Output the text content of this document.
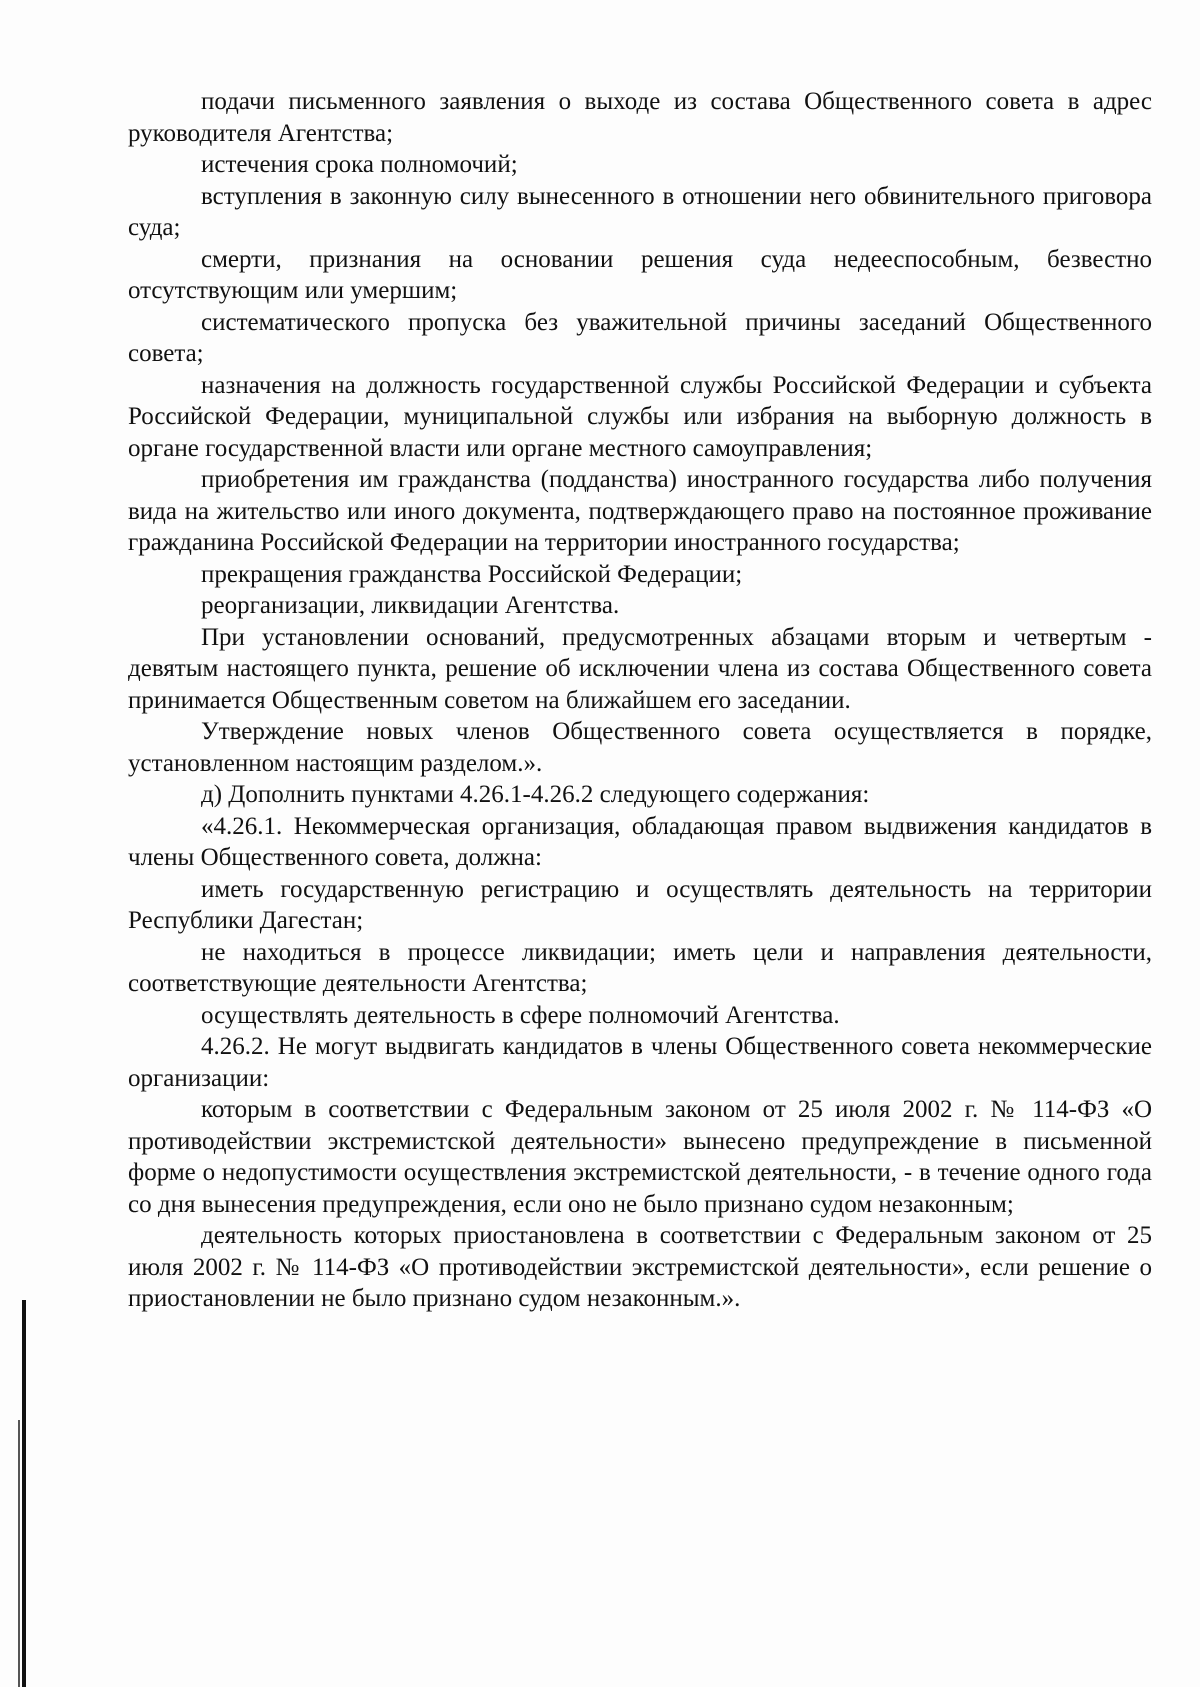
подачи письменного заявления о выходе из состава Общественного совета в адрес руководителя Агентства;

истечения срока полномочий;

вступления в законную силу вынесенного в отношении него обвинительного приговора суда;

смерти, признания на основании решения суда недееспособным, безвестно отсутствующим или умершим;

систематического пропуска без уважительной причины заседаний Общественного совета;

назначения на должность государственной службы Российской Федерации и субъекта Российской Федерации, муниципальной службы или избрания на выборную должность в органе государственной власти или органе местного самоуправления;

приобретения им гражданства (подданства) иностранного государства либо получения вида на жительство или иного документа, подтверждающего право на постоянное проживание гражданина Российской Федерации на территории иностранного государства;

прекращения гражданства Российской Федерации;

реорганизации, ликвидации Агентства.

При установлении оснований, предусмотренных абзацами вторым и четвертым - девятым настоящего пункта, решение об исключении члена из состава Общественного совета принимается Общественным советом на ближайшем его заседании.

Утверждение новых членов Общественного совета осуществляется в порядке, установленном настоящим разделом.».

д) Дополнить пунктами 4.26.1-4.26.2 следующего содержания:

«4.26.1. Некоммерческая организация, обладающая правом выдвижения кандидатов в члены Общественного совета, должна:

иметь государственную регистрацию и осуществлять деятельность на территории Республики Дагестан;

не находиться в процессе ликвидации; иметь цели и направления деятельности, соответствующие деятельности Агентства;

осуществлять деятельность в сфере полномочий Агентства.

4.26.2. Не могут выдвигать кандидатов в члены Общественного совета некоммерческие организации:

которым в соответствии с Федеральным законом от 25 июля 2002 г. № 114-ФЗ «О противодействии экстремистской деятельности» вынесено предупреждение в письменной форме о недопустимости осуществления экстремистской деятельности, - в течение одного года со дня вынесения предупреждения, если оно не было признано судом незаконным;

деятельность которых приостановлена в соответствии с Федеральным законом от 25 июля 2002 г. № 114-ФЗ «О противодействии экстремистской деятельности», если решение о приостановлении не было признано судом незаконным.».
